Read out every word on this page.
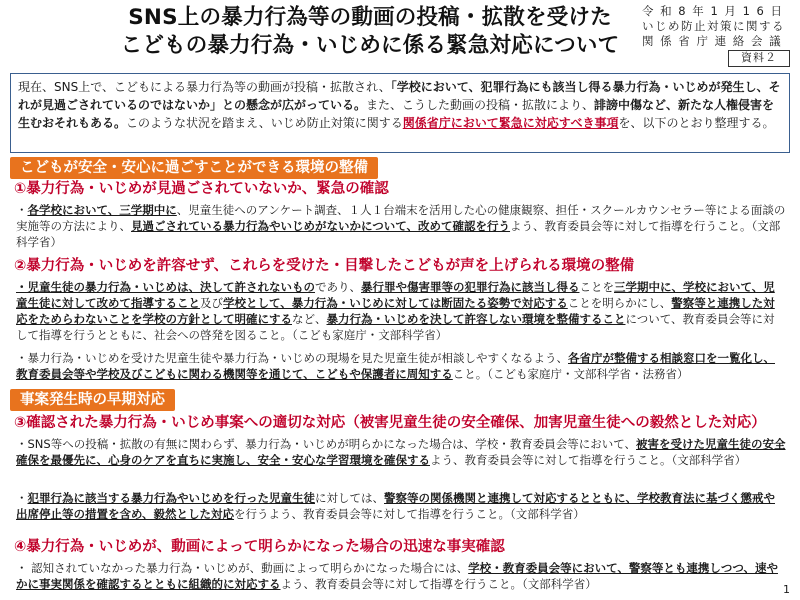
SNS上の暴力行為等の動画の投稿・拡散を受けた
こどもの暴力行為・いじめに係る緊急対応について
令 和 8 年 1 月 1 6 日
いじめ防止対策に関する
関 係 省 庁 連 絡 会 議
資料２
現在、SNS上で、こどもによる暴力行為等の動画が投稿・拡散され、「学校において、犯罪行為にも該当し得る暴力行為・いじめが発生し、それが見過ごされているのではないか」との懸念が広がっている。また、こうした動画の投稿・拡散により、誹謗中傷など、新たな人権侵害を生むおそれもある。このような状況を踏まえ、いじめ防止対策に関する関係省庁において緊急に対応すべき事項を、以下のとおり整理する。
こどもが安全・安心に過ごすことができる環境の整備
①暴力行為・いじめが見過ごされていないか、緊急の確認
・各学校において、三学期中に、児童生徒へのアンケート調査、１人１台端末を活用した心の健康観察、担任・スクールカウンセラー等による面談の実施等の方法により、見過ごされている暴力行為やいじめがないかについて、改めて確認を行うよう、教育委員会等に対して指導を行うこと。（文部科学省）
②暴力行為・いじめを許容せず、これらを受けた・目撃したこどもが声を上げられる環境の整備
・児童生徒の暴力行為・いじめは、決して許されないものであり、暴行罪や傷害罪等の犯罪行為に該当し得ることを三学期中に、学校において、児童生徒に対して改めて指導すること及び学校として、暴力行為・いじめに対しては断固たる姿勢で対応することを明らかにし、警察等と連携した対応をためらわないことを学校の方針として明確にするなど、暴力行為・いじめを決して許容しない環境を整備することについて、教育委員会等に対して指導を行うとともに、社会への啓発を図ること。（こども家庭庁・文部科学省）
・暴力行為・いじめを受けた児童生徒や暴力行為・いじめの現場を見た児童生徒が相談しやすくなるよう、各省庁が整備する相談窓口を一覧化し、教育委員会等や学校及びこどもに関わる機関等を通じて、こどもや保護者に周知すること。（こども家庭庁・文部科学省・法務省）
事案発生時の早期対応
③確認された暴力行為・いじめ事案への適切な対応（被害児童生徒の安全確保、加害児童生徒への毅然とした対応）
・SNS等への投稿・拡散の有無に関わらず、暴力行為・いじめが明らかになった場合は、学校・教育委員会等において、被害を受けた児童生徒の安全確保を最優先に、心身のケアを直ちに実施し、安全・安心な学習環境を確保するよう、教育委員会等に対して指導を行うこと。（文部科学省）
・犯罪行為に該当する暴力行為やいじめを行った児童生徒に対しては、警察等の関係機関と連携して対応するとともに、学校教育法に基づく懲戒や出席停止等の措置を含め、毅然とした対応を行うよう、教育委員会等に対して指導を行うこと。（文部科学省）
④暴力行為・いじめが、動画によって明らかになった場合の迅速な事実確認
・ 認知されていなかった暴力行為・いじめが、動画によって明らかになった場合には、学校・教育委員会等において、警察等とも連携しつつ、速やかに事実関係を確認するとともに組織的に対応するよう、教育委員会等に対して指導を行うこと。（文部科学省）	1
